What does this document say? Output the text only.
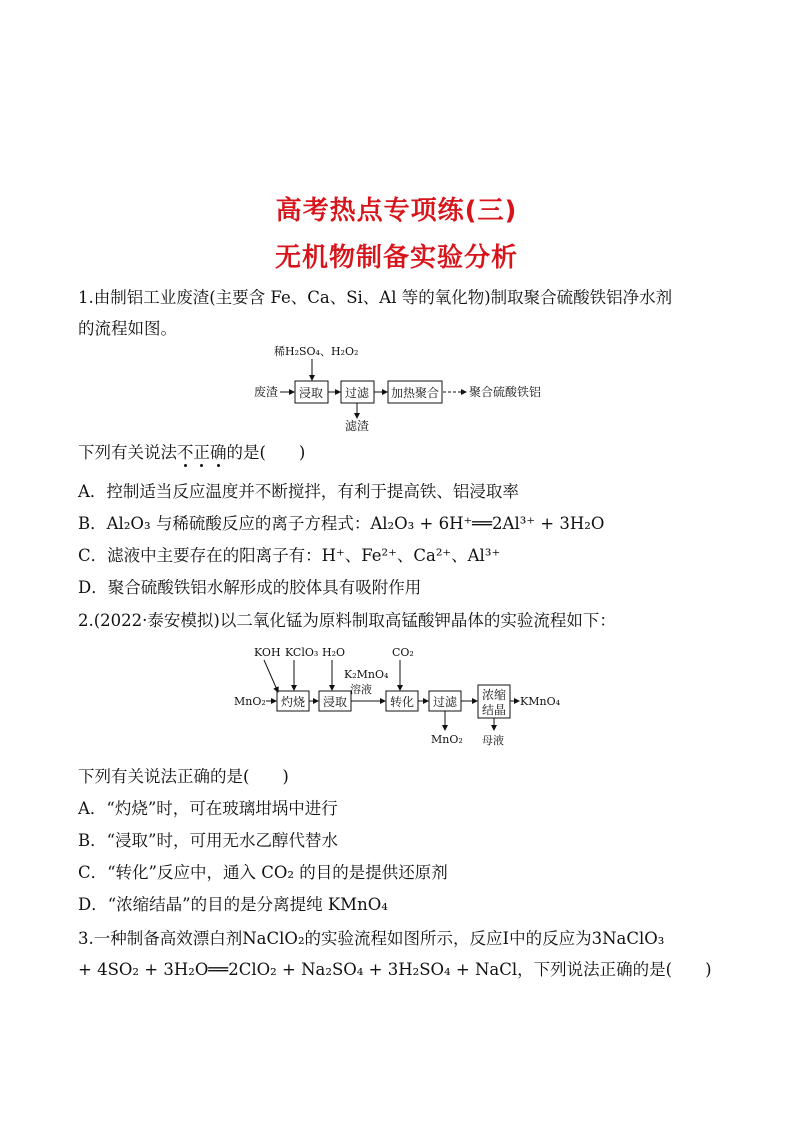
高考热点专项练(三)
无机物制备实验分析
1.由制铝工业废渣(主要含 Fe、Ca、Si、Al 等的氧化物)制取聚合硫酸铁铝净水剂
的流程如图。
稀H₂SO₄、H₂O₂
废渣 浸取 过滤
滤渣
加热聚合 聚合硫酸铁铝
下列有关说法不正确的是(　　)
A．控制适当反应温度并不断搅拌，有利于提高铁、铝浸取率
B．Al₂O₃ 与稀硫酸反应的离子方程式：Al₂O₃ + 6H⁺══2Al³⁺ + 3H₂O
C．滤液中主要存在的阳离子有：H⁺、Fe²⁺、Ca²⁺、Al³⁺
D．聚合硫酸铁铝水解形成的胶体具有吸附作用
2.(2022·泰安模拟)以二氧化锰为原料制取高锰酸钾晶体的实验流程如下：
KOH KClO₃ H₂O
K₂MnO₄
溶液
CO₂
MnO₂ 灼烧 浸取	转化 过滤
MnO₂
浓缩
结晶
母液
KMnO₄
下列有关说法正确的是(　　)
A．“灼烧”时，可在玻璃坩埚中进行
B．“浸取”时，可用无水乙醇代替水
C．“转化”反应中，通入 CO₂ 的目的是提供还原剂
D．“浓缩结晶”的目的是分离提纯 KMnO₄
3.一种制备高效漂白剂NaClO₂的实验流程如图所示，反应Ⅰ中的反应为3NaClO₃
+ 4SO₂ + 3H₂O══2ClO₂ + Na₂SO₄ + 3H₂SO₄ + NaCl，下列说法正确的是(　　)
